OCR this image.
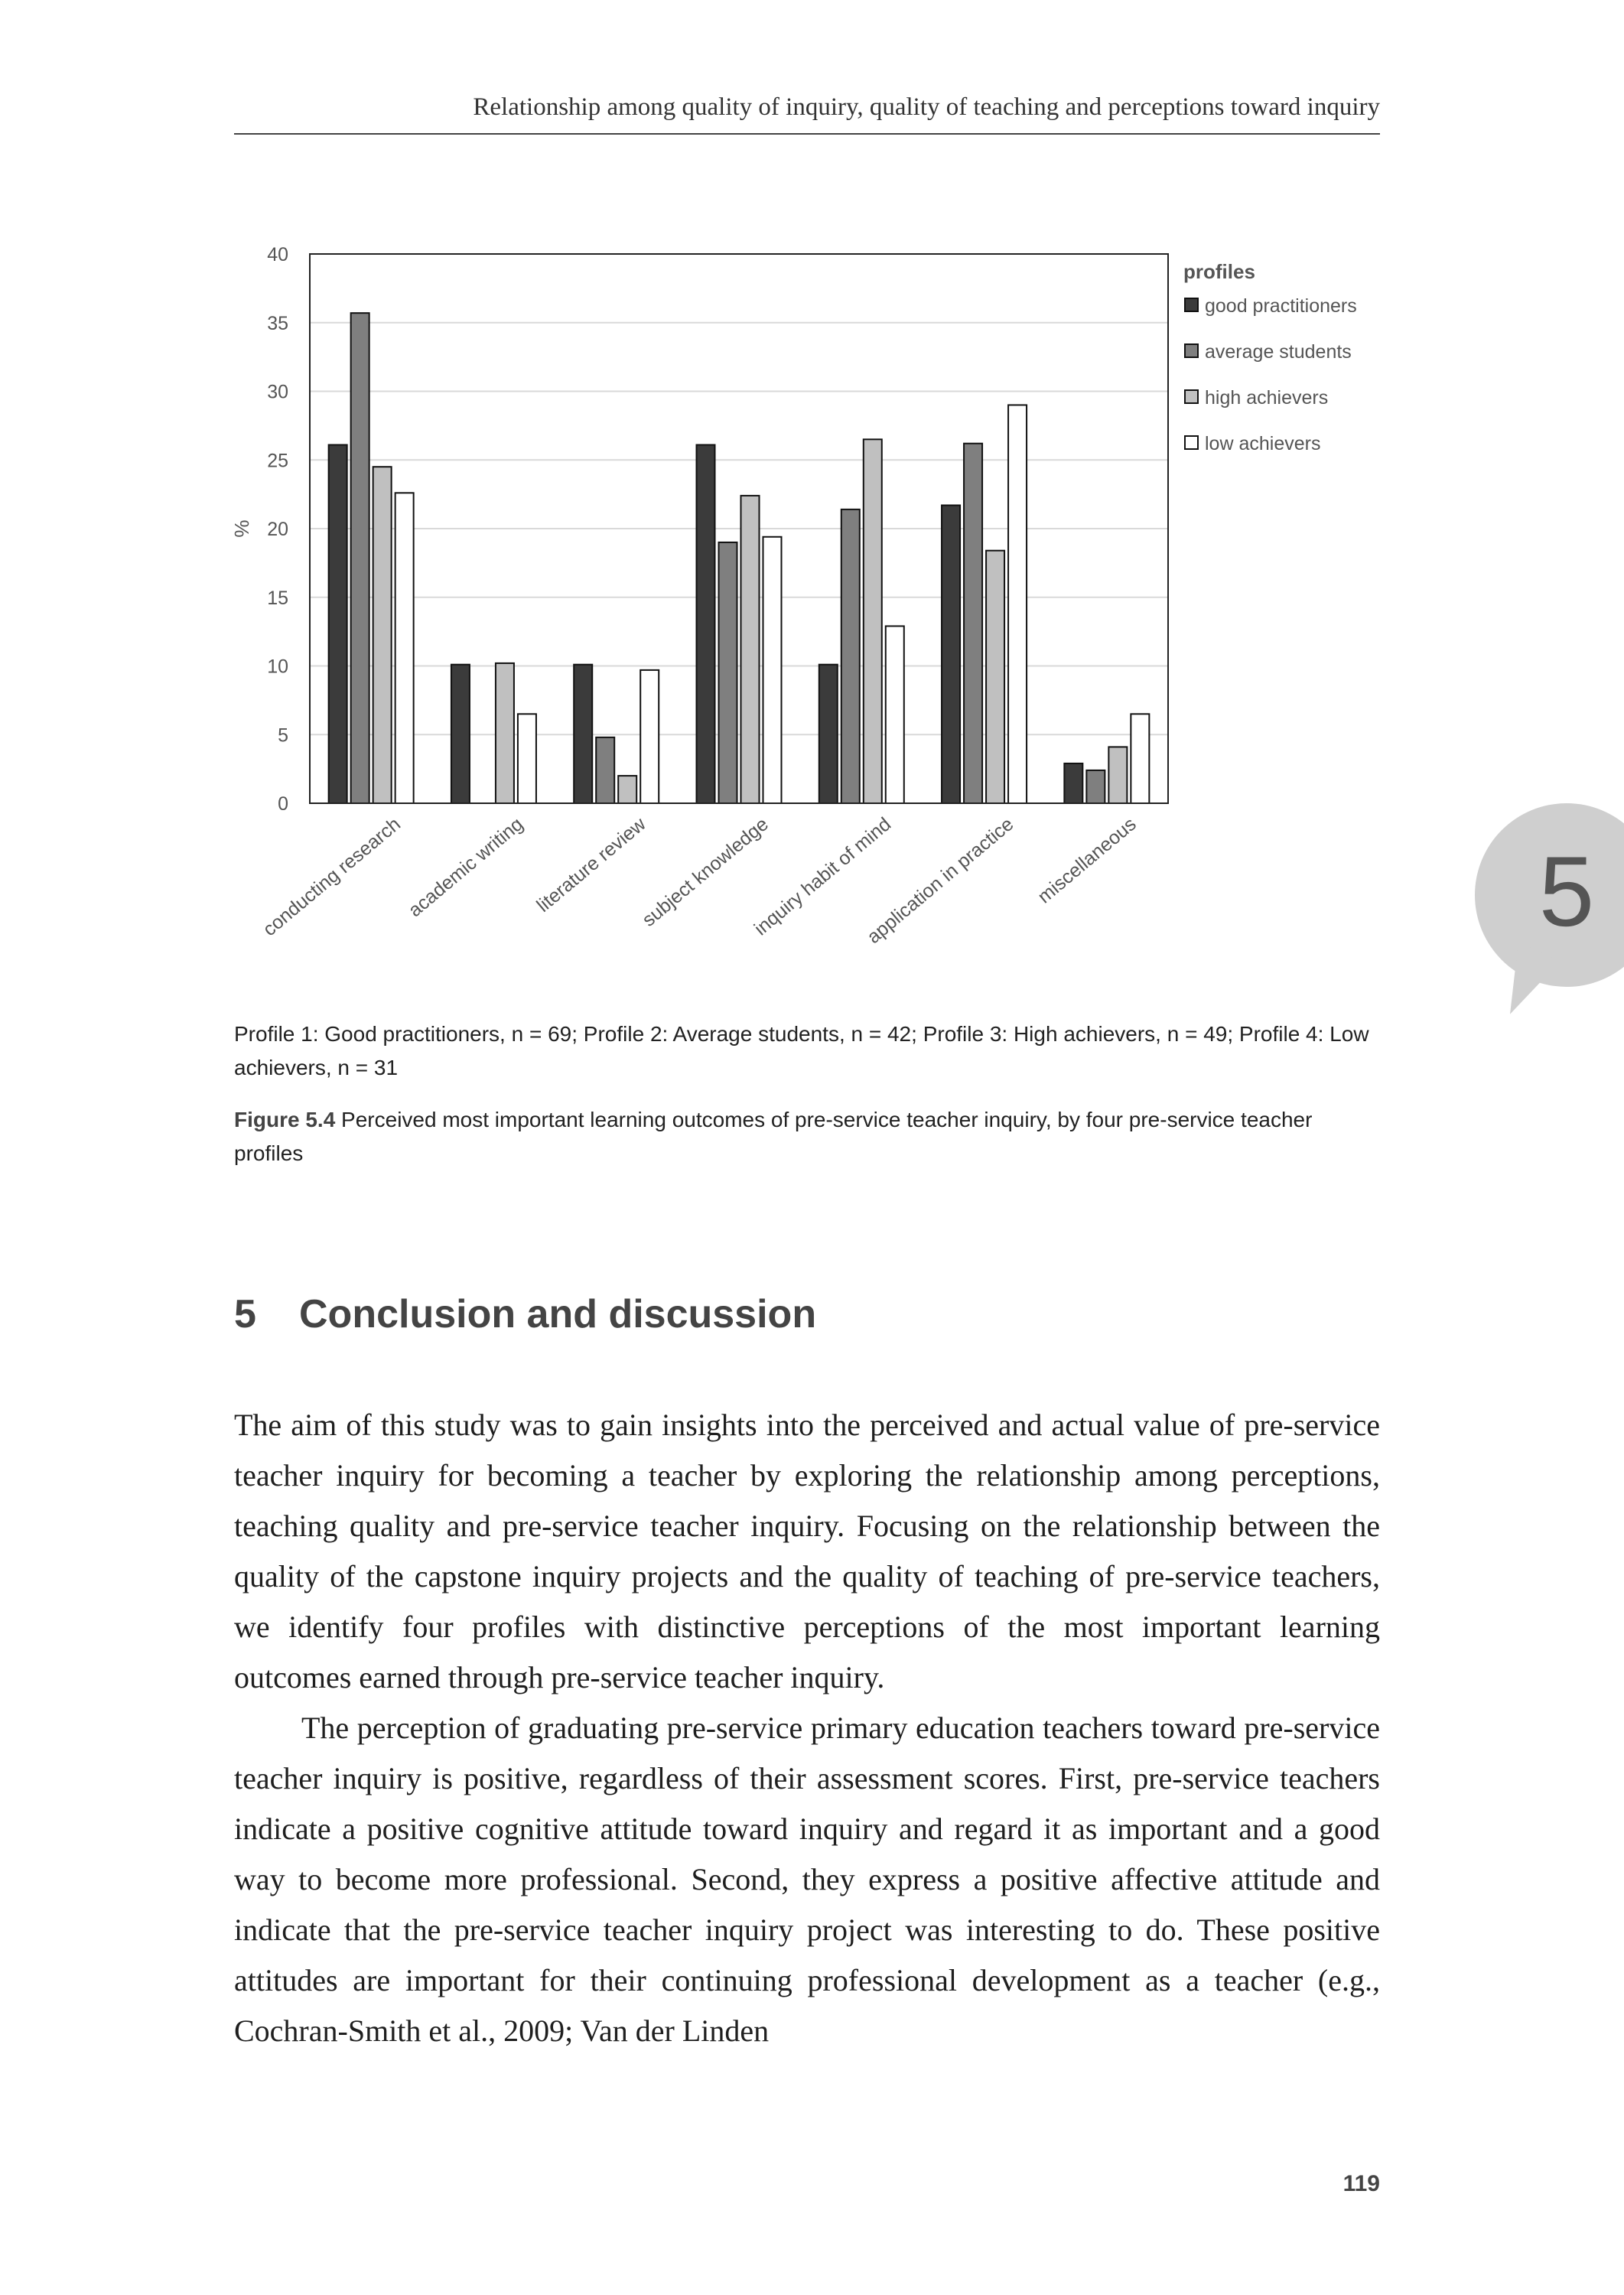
Relationship among quality of inquiry, quality of teaching and perceptions toward inquiry
0
5
10
15
20
25
30
35
40
%
conducting research academic writing literature review
subject knowledge
inquiry habit of mind
application in practice miscellaneous
profiles
good practitioners
average students
high achievers
low achievers
Profile 1: Good practitioners, n = 69; Profile 2: Average students, n = 42; Profile 3: High achievers, n = 49; Profile 4: Low achievers, n = 31
Figure 5.4 Perceived most important learning outcomes of pre-service teacher inquiry, by four pre-service teacher profiles
5 Conclusion and discussion

The aim of this study was to gain insights into the perceived and actual value of pre-service teacher inquiry for becoming a teacher by exploring the relationship among perceptions, teaching quality and pre-service teacher inquiry. Focusing on the relationship between the quality of the capstone inquiry projects and the quality of teaching of pre-service teachers, we identify four profiles with distinctive perceptions of the most important learning outcomes earned through pre-service teacher inquiry.

The perception of graduating pre-service primary education teachers toward pre-service teacher inquiry is positive, regardless of their assessment scores. First, pre-service teachers indicate a positive cognitive attitude toward inquiry and regard it as important and a good way to become more professional. Second, they express a positive affective attitude and indicate that the pre-service teacher inquiry project was interesting to do. These positive attitudes are important for their continuing professional development as a teacher (e.g., Cochran-Smith et al., 2009; Van der Linden

119
5
